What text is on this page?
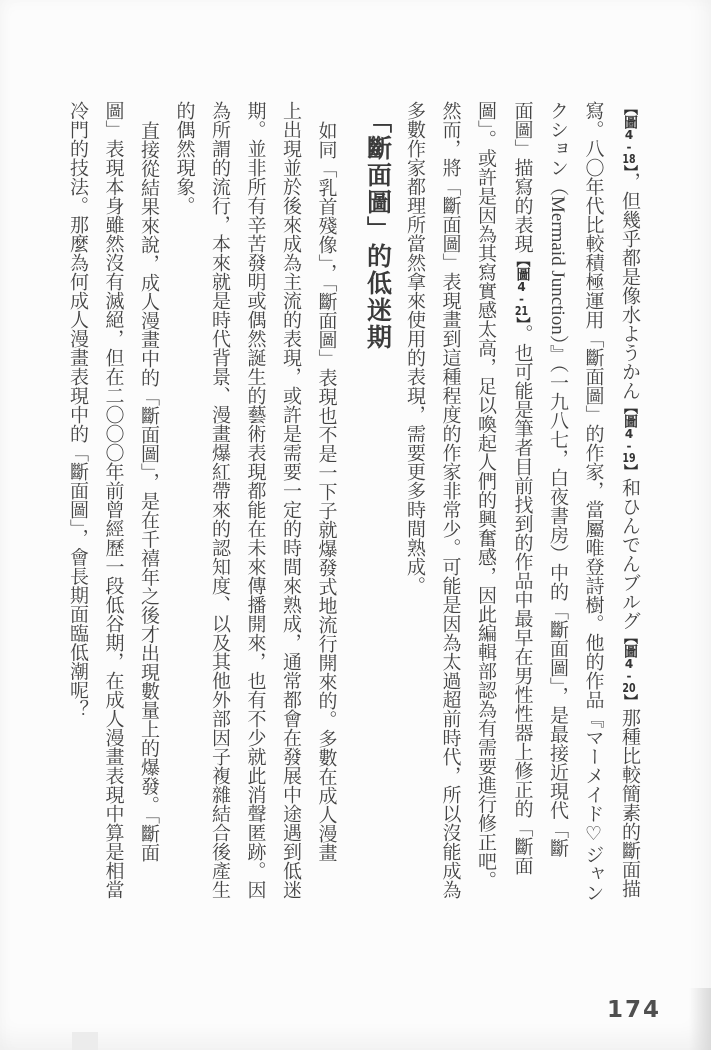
【圖4-18】，但幾乎都是像水ようかん【圖4-19】和ひんでんブルグ【圖4-20】那種比較簡素的斷面描

寫。八〇年代比較積極運用「斷面圖」的作家，當屬唯登詩樹。他的作品『マーメイド♡ジャン

クション（Mermaid Junction）』（一九八七，白夜書房）中的「斷面圖」，是最接近現代「斷

面圖」描寫的表現【圖4-21】。也可能是筆者目前找到的作品中最早在男性性器上修正的「斷面

圖」。或許是因為其寫實感太高，足以喚起人們的興奮感，因此編輯部認為有需要進行修正吧。

然而，將「斷面圖」表現畫到這種程度的作家非常少。可能是因為太過超前時代，所以沒能成為

多數作家都理所當然拿來使用的表現，需要更多時間熟成。

「斷面圖」的低迷期

如同「乳首殘像」，「斷面圖」表現也不是一下子就爆發式地流行開來的。多數在成人漫畫

上出現並於後來成為主流的表現，或許是需要一定的時間來熟成，通常都會在發展中途遇到低迷

期。並非所有辛苦發明或偶然誕生的藝術表現都能在未來傳播開來，也有不少就此消聲匿跡。因

為所謂的流行，本來就是時代背景、漫畫爆紅帶來的認知度、以及其他外部因子複雜結合後產生

的偶然現象。

直接從結果來說，成人漫畫中的「斷面圖」，是在千禧年之後才出現數量上的爆發。「斷面

圖」表現本身雖然沒有滅絕，但在二〇〇〇年前曾經歷一段低谷期，在成人漫畫表現中算是相當

冷門的技法。那麼為何成人漫畫表現中的「斷面圖」，會長期面臨低潮呢？

174
